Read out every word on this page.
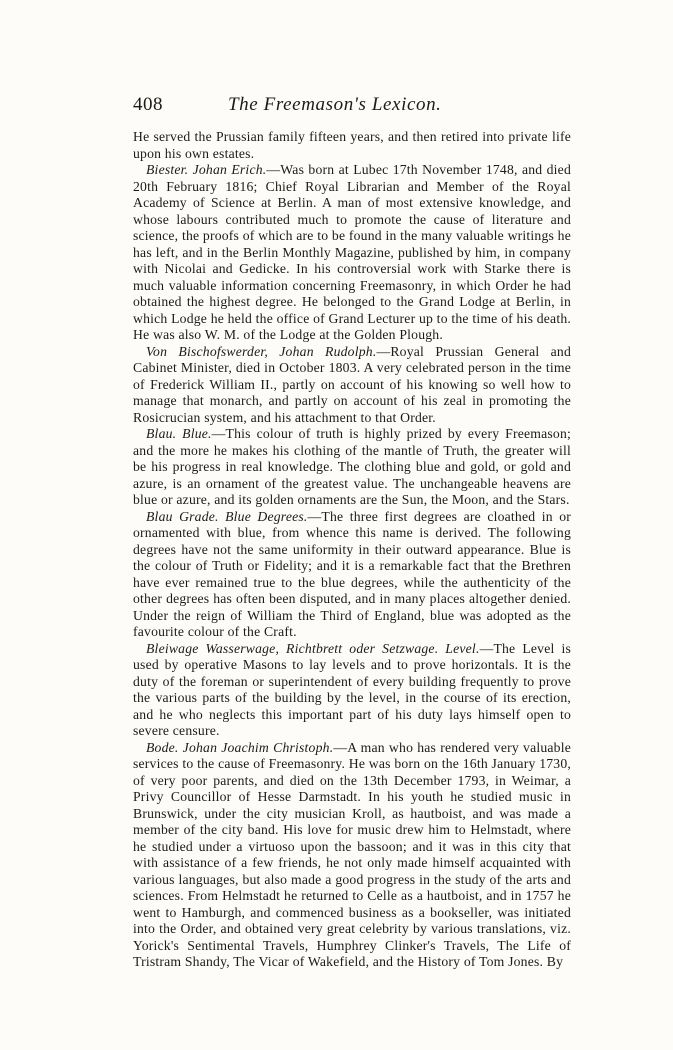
408	The Freemason's Lexicon.

He served the Prussian family fifteen years, and then retired into private life upon his own estates.

Biester. Johan Erich.—Was born at Lubec 17th November 1748, and died 20th February 1816; Chief Royal Librarian and Member of the Royal Academy of Science at Berlin. A man of most extensive knowledge, and whose labours contributed much to promote the cause of literature and science, the proofs of which are to be found in the many valuable writings he has left, and in the Berlin Monthly Magazine, published by him, in company with Nicolai and Gedicke. In his controversial work with Starke there is much valuable information concerning Freemasonry, in which Order he had obtained the highest degree. He belonged to the Grand Lodge at Berlin, in which Lodge he held the office of Grand Lecturer up to the time of his death. He was also W. M. of the Lodge at the Golden Plough.

Von Bischofswerder, Johan Rudolph.—Royal Prussian General and Cabinet Minister, died in October 1803. A very celebrated person in the time of Frederick William II., partly on account of his knowing so well how to manage that monarch, and partly on account of his zeal in promoting the Rosicrucian system, and his attachment to that Order.

Blau. Blue.—This colour of truth is highly prized by every Freemason; and the more he makes his clothing of the mantle of Truth, the greater will be his progress in real knowledge. The clothing blue and gold, or gold and azure, is an ornament of the greatest value. The unchangeable heavens are blue or azure, and its golden ornaments are the Sun, the Moon, and the Stars.

Blau Grade. Blue Degrees.—The three first degrees are cloathed in or ornamented with blue, from whence this name is derived. The following degrees have not the same uniformity in their outward appearance. Blue is the colour of Truth or Fidelity; and it is a remarkable fact that the Brethren have ever remained true to the blue degrees, while the authenticity of the other degrees has often been disputed, and in many places altogether denied. Under the reign of William the Third of England, blue was adopted as the favourite colour of the Craft.

Bleiwage Wasserwage, Richtbrett oder Setzwage. Level.—The Level is used by operative Masons to lay levels and to prove horizontals. It is the duty of the foreman or superintendent of every building frequently to prove the various parts of the building by the level, in the course of its erection, and he who neglects this important part of his duty lays himself open to severe censure.

Bode. Johan Joachim Christoph.—A man who has rendered very valuable services to the cause of Freemasonry. He was born on the 16th January 1730, of very poor parents, and died on the 13th December 1793, in Weimar, a Privy Councillor of Hesse Darmstadt. In his youth he studied music in Brunswick, under the city musician Kroll, as hautboist, and was made a member of the city band. His love for music drew him to Helmstadt, where he studied under a virtuoso upon the bassoon; and it was in this city that with assistance of a few friends, he not only made himself acquainted with various languages, but also made a good progress in the study of the arts and sciences. From Helmstadt he returned to Celle as a hautboist, and in 1757 he went to Hamburgh, and commenced business as a bookseller, was initiated into the Order, and obtained very great celebrity by various translations, viz. Yorick's Sentimental Travels, Humphrey Clinker's Travels, The Life of Tristram Shandy, The Vicar of Wakefield, and the History of Tom Jones. By
